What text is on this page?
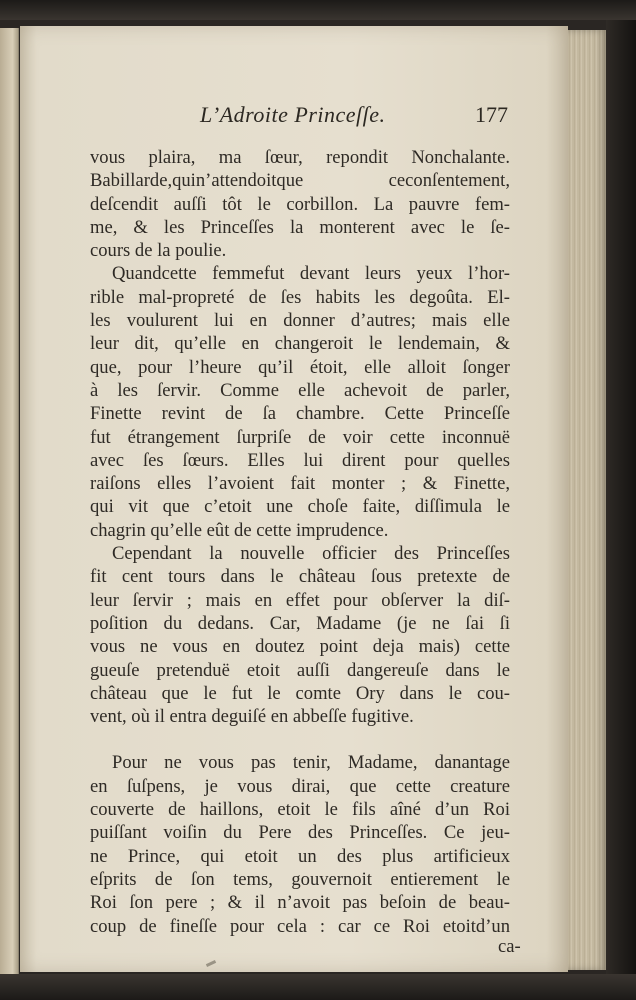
L’Adroite Princeſſe.	177
vous plaira, ma ſœur, repondit Nonchalante.
Babillarde,quin’attendoitque ceconſentement,
deſcendit auſſi tôt le corbillon. La pauvre fem-
me, & les Princeſſes la monterent avec le ſe-
cours de la poulie.
Quandcette femmefut devant leurs yeux l’hor-
rible mal-propreté de ſes habits les degoûta. El-
les voulurent lui en donner d’autres; mais elle
leur dit, qu’elle en changeroit le lendemain, &
que, pour l’heure qu’il étoit, elle alloit ſonger
à les ſervir. Comme elle achevoit de parler,
Finette revint de ſa chambre. Cette Princeſſe
fut étrangement ſurpriſe de voir cette inconnuë
avec ſes ſœurs. Elles lui dirent pour quelles
raiſons elles l’avoient fait monter ; & Finette,
qui vit que c’etoit une choſe faite, diſſimula le
chagrin qu’elle eût de cette imprudence.
Cependant la nouvelle officier des Princeſſes
fit cent tours dans le château ſous pretexte de
leur ſervir ; mais en effet pour obſerver la diſ-
poſition du dedans. Car, Madame (je ne ſai ſi
vous ne vous en doutez point deja mais) cette
gueuſe pretenduë etoit auſſi dangereuſe dans le
château que le fut le comte Ory dans le cou-
vent, où il entra deguiſé en abbeſſe fugitive.
Pour ne vous pas tenir, Madame, danantage
en ſuſpens, je vous dirai, que cette creature
couverte de haillons, etoit le fils aîné d’un Roi
puiſſant voiſin du Pere des Princeſſes. Ce jeu-
ne Prince, qui etoit un des plus artificieux
eſprits de ſon tems, gouvernoit entierement le
Roi ſon pere ; & il n’avoit pas beſoin de beau-
coup de fineſſe pour cela : car ce Roi etoitd’un
ca-
